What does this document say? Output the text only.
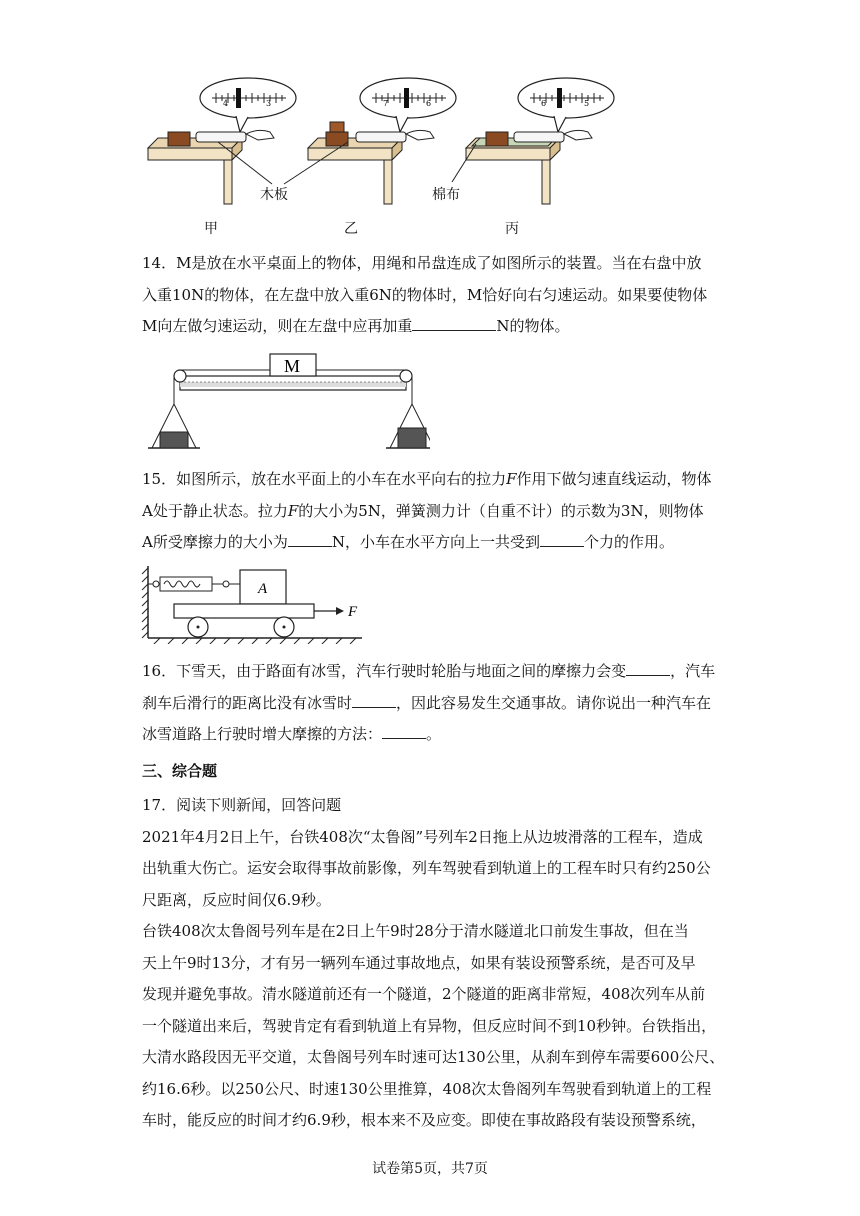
4	3	7	6	6	5
木板	棉布
甲	乙	丙
14．M是放在水平桌面上的物体，用绳和吊盘连成了如图所示的装置。当在右盘中放
入重10N的物体，在左盘中放入重6N的物体时，M恰好向右匀速运动。如果要使物体
M向左做匀速运动，则在左盘中应再加重	N的物体。
M
15．如图所示，放在水平面上的小车在水平向右的拉力F作用下做匀速直线运动，物体
A处于静止状态。拉力F的大小为5N，弹簧测力计（自重不计）的示数为3N，则物体
A所受摩擦力的大小为	N，小车在水平方向上一共受到	个力的作用。
A
F
16．下雪天，由于路面有冰雪，汽车行驶时轮胎与地面之间的摩擦力会变	，汽车
刹车后滑行的距离比没有冰雪时	，因此容易发生交通事故。请你说出一种汽车在
冰雪道路上行驶时增大摩擦的方法：	。
三、综合题
17．阅读下则新闻，回答问题
2021年4月2日上午，台铁408次“太鲁阁”号列车2日拖上从边坡滑落的工程车，造成
出轨重大伤亡。运安会取得事故前影像，列车驾驶看到轨道上的工程车时只有约250公
尺距离，反应时间仅6.9秒。
台铁408次太鲁阁号列车是在2日上午9时28分于清水隧道北口前发生事故，但在当
天上午9时13分，才有另一辆列车通过事故地点，如果有装设预警系统，是否可及早
发现并避免事故。清水隧道前还有一个隧道，2个隧道的距离非常短，408次列车从前
一个隧道出来后，驾驶肯定有看到轨道上有异物，但反应时间不到10秒钟。台铁指出，
大清水路段因无平交道，太鲁阁号列车时速可达130公里，从刹车到停车需要600公尺、
约16.6秒。以250公尺、时速130公里推算，408次太鲁阁列车驾驶看到轨道上的工程
车时，能反应的时间才约6.9秒，根本来不及应变。即使在事故路段有装设预警系统，
试卷第5页，共7页
